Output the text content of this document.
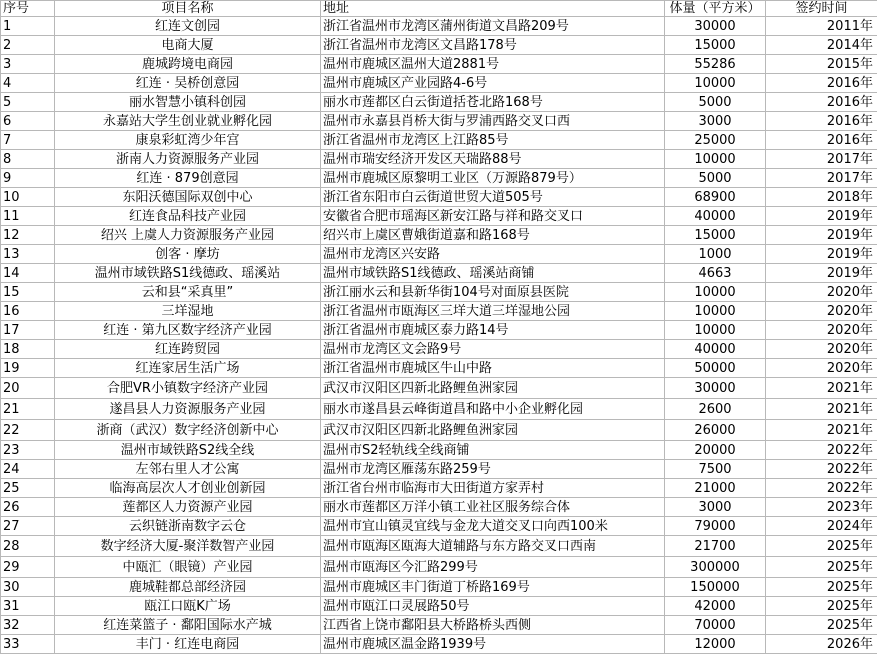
序号	项目名称	地址	体量（平方米）	签约时间
1	红连文创园	浙江省温州市龙湾区蒲州街道文昌路209号	30000	2011年
2	电商大厦	浙江省温州市龙湾区文昌路178号	15000	2014年
3	鹿城跨境电商园	温州市鹿城区温州大道2881号	55286	2015年
4	红连 · 吴桥创意园	温州市鹿城区产业园路4-6号	10000	2016年
5	丽水智慧小镇科创园	丽水市莲都区白云街道括苍北路168号	5000	2016年
6	永嘉站大学生创业就业孵化园	温州市永嘉县肖桥大街与罗浦西路交叉口西	3000	2016年
7	康泉彩虹湾少年宫	浙江省温州市龙湾区上江路85号	25000	2016年
8	浙南人力资源服务产业园	温州市瑞安经济开发区天瑞路88号	10000	2017年
9	红连 · 879创意园	温州市鹿城区原黎明工业区（万源路879号）	5000	2017年
10	东阳沃德国际双创中心	浙江省东阳市白云街道世贸大道505号	68900	2018年
11	红连食品科技产业园	安徽省合肥市瑶海区新安江路与祥和路交叉口	40000	2019年
12	绍兴 上虞人力资源服务产业园	绍兴市上虞区曹娥街道嘉和路168号	15000	2019年
13	创客 · 摩坊	温州市龙湾区兴安路	1000	2019年
14	温州市域铁路S1线德政、瑶溪站	温州市域铁路S1线德政、瑶溪站商铺	4663	2019年
15	云和县“采真里”	浙江丽水云和县新华街104号对面原县医院	10000	2020年
16	三垟湿地	浙江省温州市瓯海区三垟大道三垟湿地公园	10000	2020年
17	红连 · 第九区数字经济产业园	浙江省温州市鹿城区泰力路14号	10000	2020年
18	红连跨贸园	温州市龙湾区文会路9号	40000	2020年
19	红连家居生活广场	浙江省温州市鹿城区牛山中路	50000	2020年
20	合肥VR小镇数字经济产业园	武汉市汉阳区四新北路鲤鱼洲家园	30000	2021年
21	遂昌县人力资源服务产业园	丽水市遂昌县云峰街道昌和路中小企业孵化园	2600	2021年
22	浙商（武汉）数字经济创新中心	武汉市汉阳区四新北路鲤鱼洲家园	26000	2021年
23	温州市域铁路S2线全线	温州市S2轻轨线全线商铺	20000	2022年
24	左邻右里人才公寓	温州市龙湾区雁荡东路259号	7500	2022年
25	临海高层次人才创业创新园	浙江省台州市临海市大田街道方家弄村	21000	2022年
26	莲都区人力资源产业园	丽水市莲都区万洋小镇工业社区服务综合体	3000	2023年
27	云织链浙南数字云仓	温州市宜山镇灵宜线与金龙大道交叉口向西100米	79000	2024年
28	数字经济大厦-聚洋数智产业园	温州市瓯海区瓯海大道辅路与东方路交叉口西南	21700	2025年
29	中瓯汇（眼镜）产业园	温州市瓯海区今汇路299号	300000	2025年
30	鹿城鞋都总部经济园	温州市鹿城区丰门街道丁桥路169号	150000	2025年
31	瓯江口瓯K广场	温州市瓯江口灵展路50号	42000	2025年
32	红连菜篮子 · 鄱阳国际水产城	江西省上饶市鄱阳县大桥路桥头西侧	70000	2025年
33	丰门 · 红连电商园	温州市鹿城区温金路1939号	12000	2026年
